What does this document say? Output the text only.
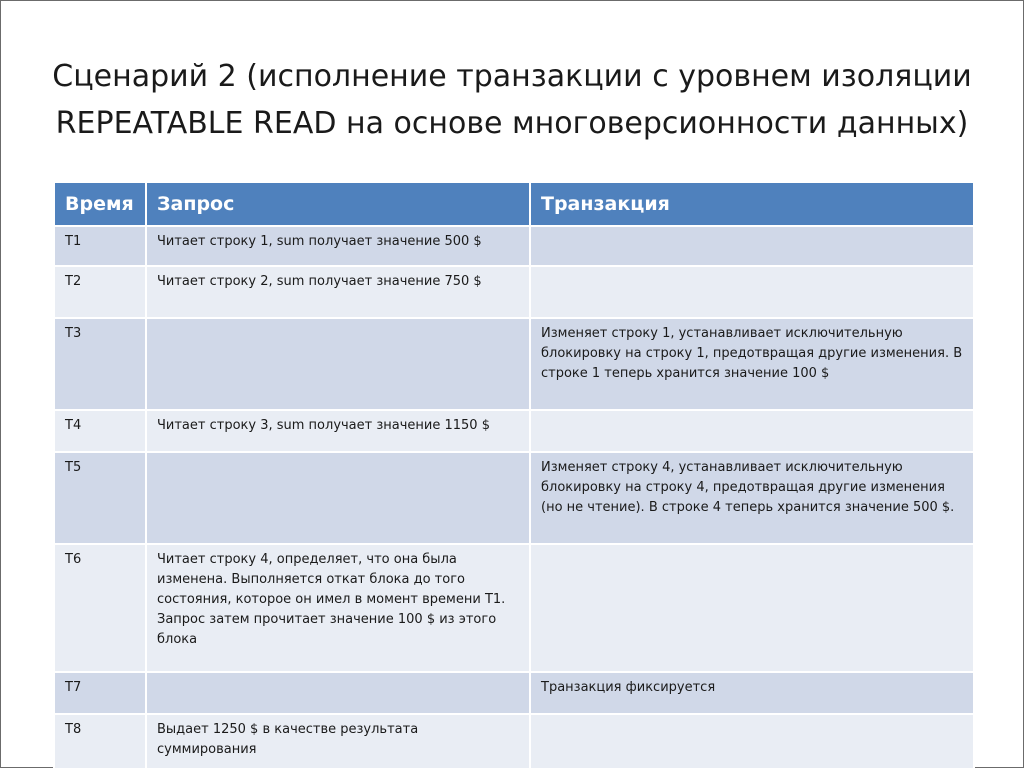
Сценарий 2 (исполнение транзакции с уровнем изоляции
REPEATABLE READ на основе многоверсионности данных)
Время	Запрос	Транзакция
T1	Читает строку 1, sum получает значение 500 $	
T2	Читает строку 2, sum получает значение 750 $	
T3		Изменяет строку 1, устанавливает исключительную блокировку на строку 1, предотвращая другие изменения. В строке 1 теперь хранится значение 100 $
T4	Читает строку 3, sum получает значение 1150 $	
T5		Изменяет строку 4, устанавливает исключительную блокировку на строку 4, предотвращая другие изменения (но не чтение). В строке 4 теперь хранится значение 500 $.
T6	Читает строку 4, определяет, что она была изменена. Выполняется откат блока до того состояния, которое он имел в момент времени T1. Запрос затем прочитает значение 100 $ из этого блока	
T7		Транзакция фиксируется
T8	Выдает 1250 $ в качестве результата суммирования	
